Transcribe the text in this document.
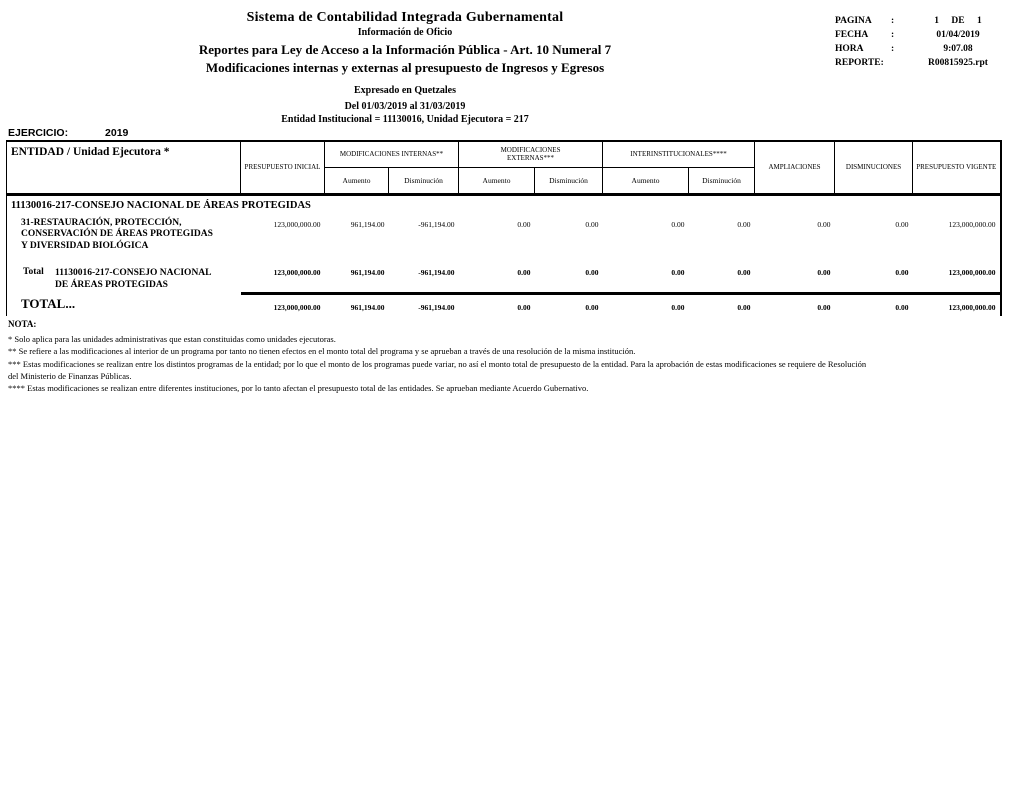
Sistema de Contabilidad Integrada Gubernamental
Información de Oficio
Reportes para Ley de Acceso a la Información Pública - Art. 10 Numeral 7
Modificaciones internas y externas al presupuesto de Ingresos y Egresos
Expresado en Quetzales
Del 01/03/2019 al 31/03/2019
Entidad Institucional = 11130016, Unidad Ejecutora = 217
PAGINA	:	1 DE 1
FECHA	:	01/04/2019
HORA	:	9:07.08
REPORTE:	R00815925.rpt
EJERCICIO:	2019
ENTIDAD / Unidad Ejecutora *	PRESUPUESTO INICIAL	MODIFICACIONES INTERNAS**		MODIFICACIONES EXTERNAS***		INTERINSTITUCIONALES****		AMPLIACIONES	DISMINUCIONES	PRESUPUESTO VIGENTE
		Aumento	Disminución	Aumento	Disminución	Aumento	Disminución			
11130016-217-CONSEJO NACIONAL DE ÁREAS PROTEGIDAS										
31-RESTAURACIÓN, PROTECCIÓN, CONSERVACIÓN DE ÁREAS PROTEGIDAS Y DIVERSIDAD BIOLÓGICA	123,000,000.00	961,194.00	-961,194.00	0.00	0.00	0.00	0.00	0.00	0.00	123,000,000.00
Total 11130016-217-CONSEJO NACIONAL DE ÁREAS PROTEGIDAS	123,000,000.00	961,194.00	-961,194.00	0.00	0.00	0.00	0.00	0.00	0.00	123,000,000.00
TOTAL...	123,000,000.00	961,194.00	-961,194.00	0.00	0.00	0.00	0.00	0.00	0.00	123,000,000.00
NOTA:
* Solo aplica para las unidades administrativas que estan constituidas como unidades ejecutoras.
** Se refiere a las modificaciones al interior de un programa por tanto no tienen efectos en el monto total del programa y se aprueban a través de una resolución de la misma institución.
*** Estas modificaciones se realizan entre los distintos programas de la entidad; por lo que el monto de los programas puede variar, no así el monto total de presupuesto de la entidad. Para la aprobación de estas modificaciones se requiere de Resolución del Ministerio de Finanzas Públicas.
**** Estas modificaciones se realizan entre diferentes instituciones, por lo tanto afectan el presupuesto total de las entidades. Se aprueban mediante Acuerdo Gubernativo.
